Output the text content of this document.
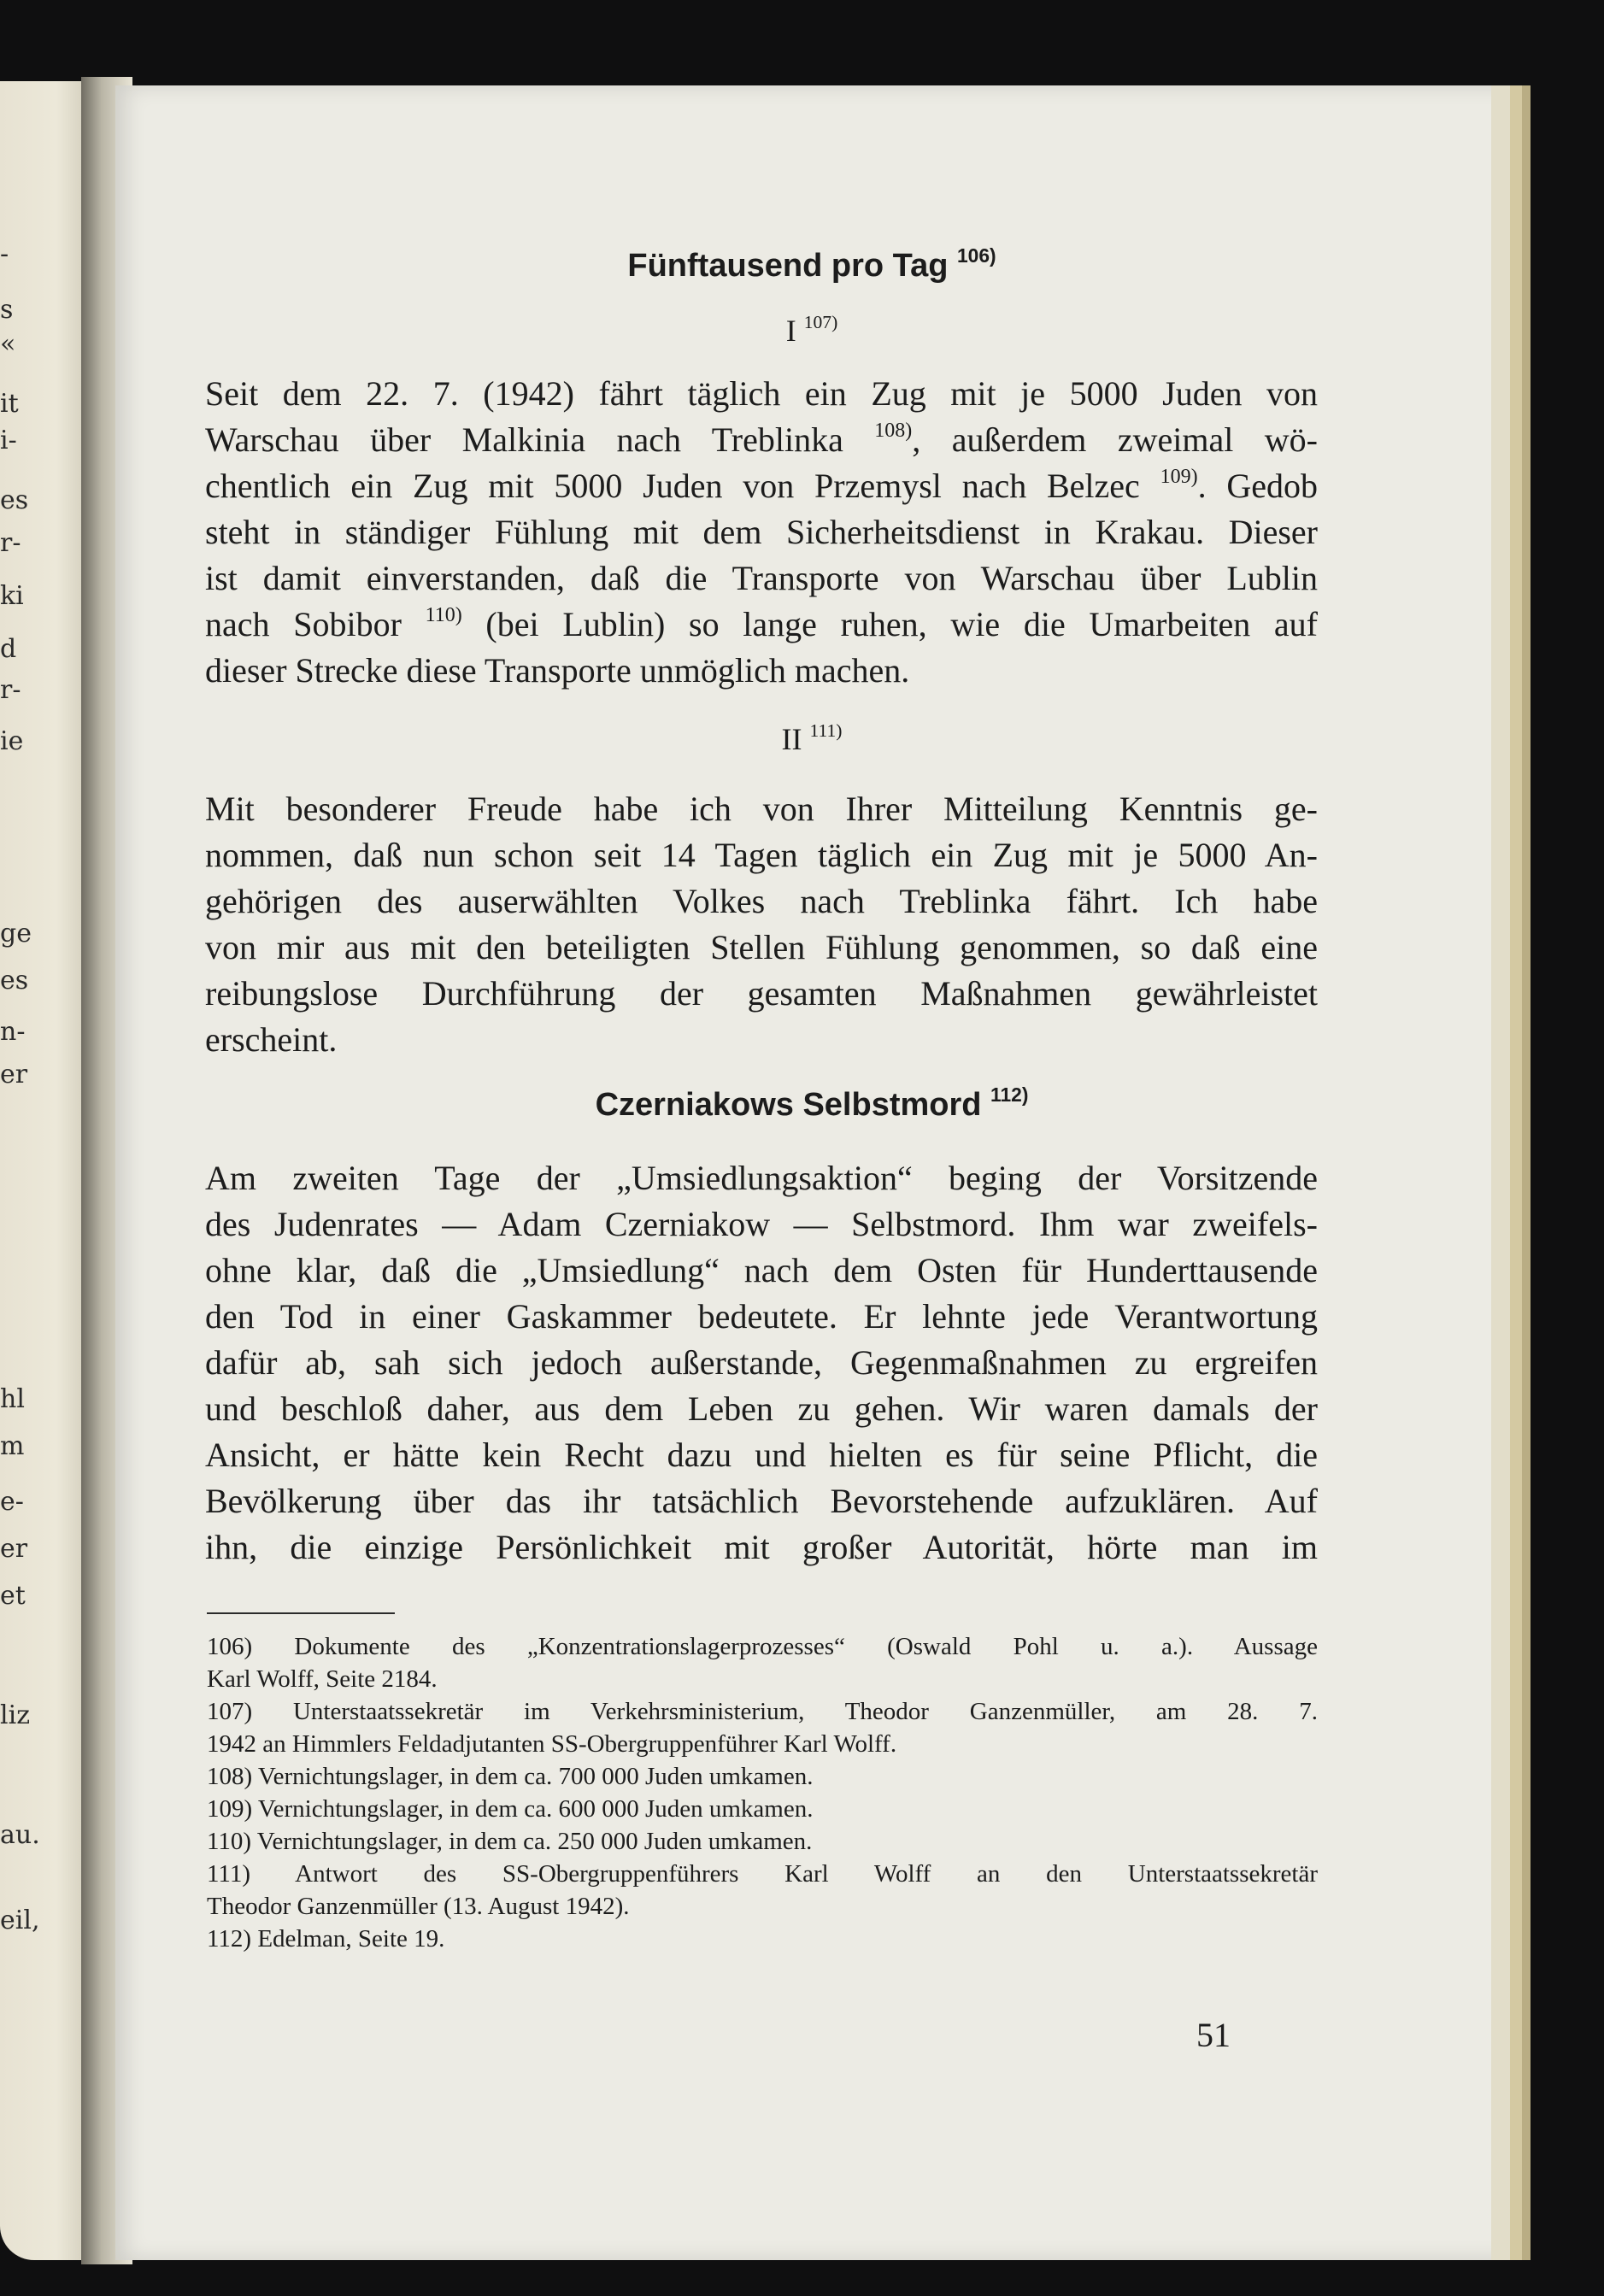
-
s
«
it
i-
es
r-
ki
d
r-
ie
ge
es
n-
er
hl
m
e-
er
et
liz
au.
eil,
Fünftausend pro Tag $^{106)}$
I $^{107)}$
Seit dem 22. 7. (1942) fährt täglich ein Zug mit je 5000 Juden von
Warschau über Malkinia nach Treblinka $^{108)}$, außerdem zweimal wö-
chentlich ein Zug mit 5000 Juden von Przemysl nach Belzec $^{109)}$. Gedob
steht in ständiger Fühlung mit dem Sicherheitsdienst in Krakau. Dieser
ist damit einverstanden, daß die Transporte von Warschau über Lublin
nach Sobibor $^{110)}$ (bei Lublin) so lange ruhen, wie die Umarbeiten auf
dieser Strecke diese Transporte unmöglich machen.
II $^{111)}$
Mit besonderer Freude habe ich von Ihrer Mitteilung Kenntnis ge-
nommen, daß nun schon seit 14 Tagen täglich ein Zug mit je 5000 An-
gehörigen des auserwählten Volkes nach Treblinka fährt. Ich habe
von mir aus mit den beteiligten Stellen Fühlung genommen, so daß eine
reibungslose Durchführung der gesamten Maßnahmen gewährleistet
erscheint.
Czerniakows Selbstmord $^{112)}$
Am zweiten Tage der „Umsiedlungsaktion“ beging der Vorsitzende
des Judenrates — Adam Czerniakow — Selbstmord. Ihm war zweifels-
ohne klar, daß die „Umsiedlung“ nach dem Osten für Hunderttausende
den Tod in einer Gaskammer bedeutete. Er lehnte jede Verantwortung
dafür ab, sah sich jedoch außerstande, Gegenmaßnahmen zu ergreifen
und beschloß daher, aus dem Leben zu gehen. Wir waren damals der
Ansicht, er hätte kein Recht dazu und hielten es für seine Pflicht, die
Bevölkerung über das ihr tatsächlich Bevorstehende aufzuklären. Auf
ihn, die einzige Persönlichkeit mit großer Autorität, hörte man im
106) Dokumente des „Konzentrationslagerprozesses“ (Oswald Pohl u. a.). Aussage
Karl Wolff, Seite 2184.
107) Unterstaatssekretär im Verkehrsministerium, Theodor Ganzenmüller, am 28. 7.
1942 an Himmlers Feldadjutanten SS-Obergruppenführer Karl Wolff.
108) Vernichtungslager, in dem ca. 700 000 Juden umkamen.
109) Vernichtungslager, in dem ca. 600 000 Juden umkamen.
110) Vernichtungslager, in dem ca. 250 000 Juden umkamen.
111) Antwort des SS-Obergruppenführers Karl Wolff an den Unterstaatssekretär
Theodor Ganzenmüller (13. August 1942).
112) Edelman, Seite 19.
51
